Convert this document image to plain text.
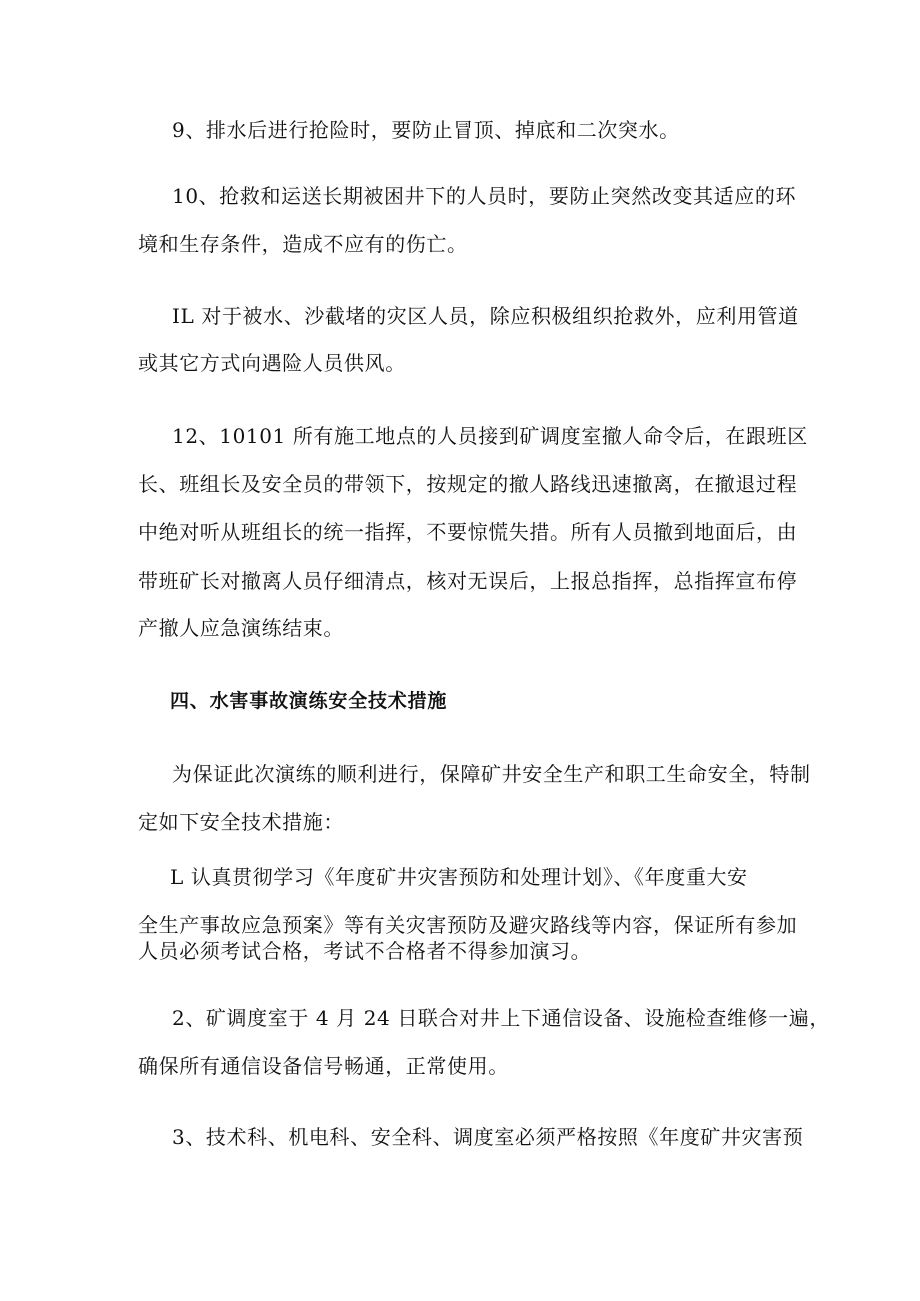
9、排水后进行抢险时，要防止冒顶、掉底和二次突水。
10、抢救和运送长期被困井下的人员时，要防止突然改变其适应的环
境和生存条件，造成不应有的伤亡。
IL 对于被水、沙截堵的灾区人员，除应积极组织抢救外，应利用管道
或其它方式向遇险人员供风。
12、10101 所有施工地点的人员接到矿调度室撤人命令后，在跟班区
长、班组长及安全员的带领下，按规定的撤人路线迅速撤离，在撤退过程
中绝对听从班组长的统一指挥，不要惊慌失措。所有人员撤到地面后，由
带班矿长对撤离人员仔细清点，核对无误后，上报总指挥，总指挥宣布停
产撤人应急演练结束。
四、水害事故演练安全技术措施
为保证此次演练的顺利进行，保障矿井安全生产和职工生命安全，特制
定如下安全技术措施：
L 认真贯彻学习《年度矿井灾害预防和处理计划》、《年度重大安
全生产事故应急预案》等有关灾害预防及避灾路线等内容，保证所有参加
人员必须考试合格，考试不合格者不得参加演习。
2、矿调度室于 4 月 24 日联合对井上下通信设备、设施检查维修一遍，
确保所有通信设备信号畅通，正常使用。
3、技术科、机电科、安全科、调度室必须严格按照《年度矿井灾害预
